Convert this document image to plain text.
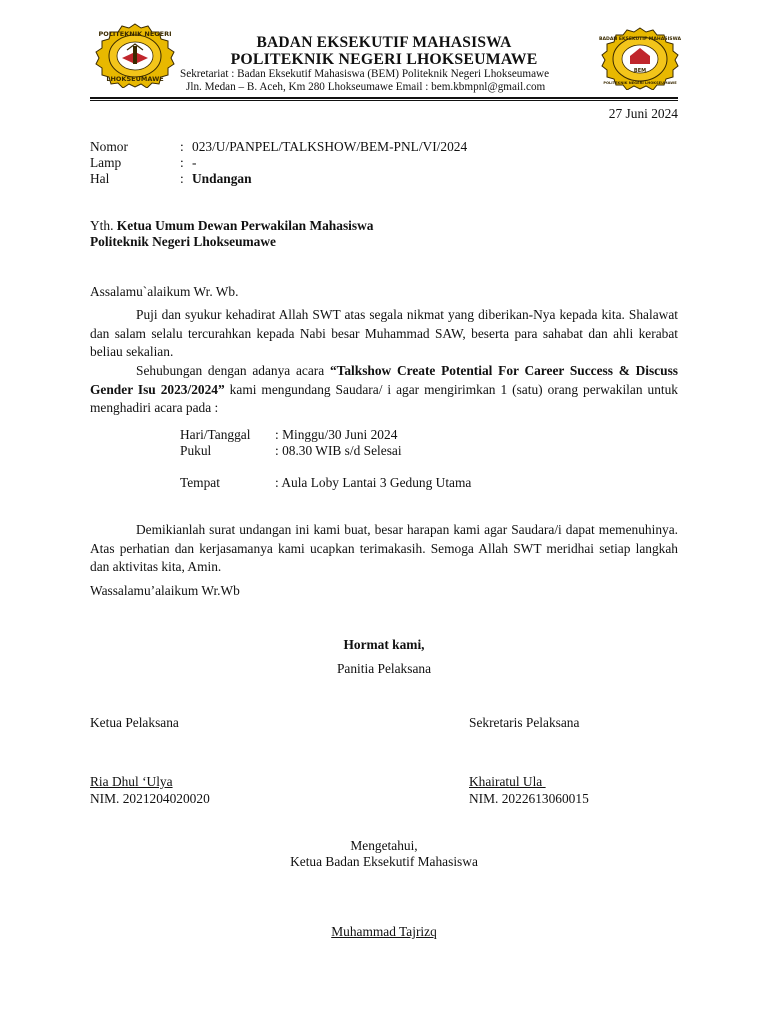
POLITEKNIK NEGERI
LHOKSEUMAWE
BEM
BADAN EKSEKUTIF MAHASISWA
POLITEKNIK NEGERI LHOKSEUMAWE
BADAN EKSEKUTIF MAHASISWA
POLITEKNIK NEGERI LHOKSEUMAWE
Sekretariat : Badan Eksekutif Mahasiswa (BEM) Politeknik Negeri Lhokseumawe
Jln. Medan – B. Aceh, Km 280 Lhokseumawe Email : bem.kbmpnl@gmail.com
27 Juni 2024
Nomor	: 023/U/PANPEL/TALKSHOW/BEM-PNL/VI/2024
Lamp	: -
Hal	: Undangan
Yth. Ketua Umum Dewan Perwakilan Mahasiswa
Politeknik Negeri Lhokseumawe
Assalamu`alaikum Wr. Wb.
Puji dan syukur kehadirat Allah SWT atas segala nikmat yang diberikan-Nya kepada kita. Shalawat dan salam selalu tercurahkan kepada Nabi besar Muhammad SAW, beserta para sahabat dan ahli kerabat beliau sekalian.
Sehubungan dengan adanya acara “Talkshow Create Potential For Career Success & Discuss Gender Isu 2023/2024” kami mengundang Saudara/ i agar mengirimkan 1 (satu) orang perwakilan untuk menghadiri acara pada :
Hari/Tanggal : Minggu/30 Juni 2024
Pukul	: 08.30 WIB s/d Selesai
Tempat	: Aula Loby Lantai 3 Gedung Utama
Demikianlah surat undangan ini kami buat, besar harapan kami agar Saudara/i dapat memenuhinya. Atas perhatian dan kerjasamanya kami ucapkan terimakasih. Semoga Allah SWT meridhai setiap langkah dan aktivitas kita, Amin.
Wassalamu’alaikum Wr.Wb
Hormat kami,
Panitia Pelaksana
Ketua Pelaksana	Sekretaris Pelaksana
Ria Dhul ‘Ulya	Khairatul Ula
NIM. 2021204020020	NIM. 2022613060015
Mengetahui,
Ketua Badan Eksekutif Mahasiswa
Muhammad Tajrizq
